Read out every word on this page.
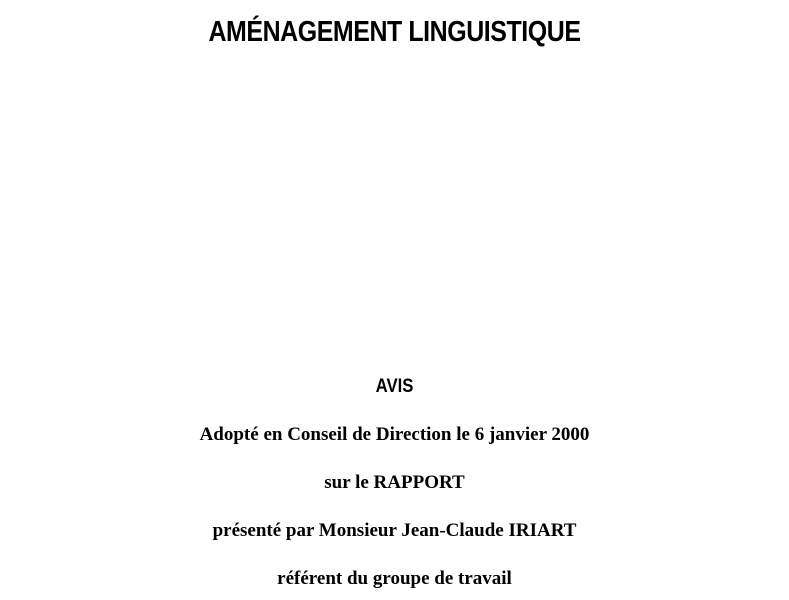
AMÉNAGEMENT LINGUISTIQUE
AVIS
Adopté en Conseil de Direction le 6 janvier 2000
sur le RAPPORT
présenté par Monsieur Jean-Claude IRIART
référent du groupe de travail
